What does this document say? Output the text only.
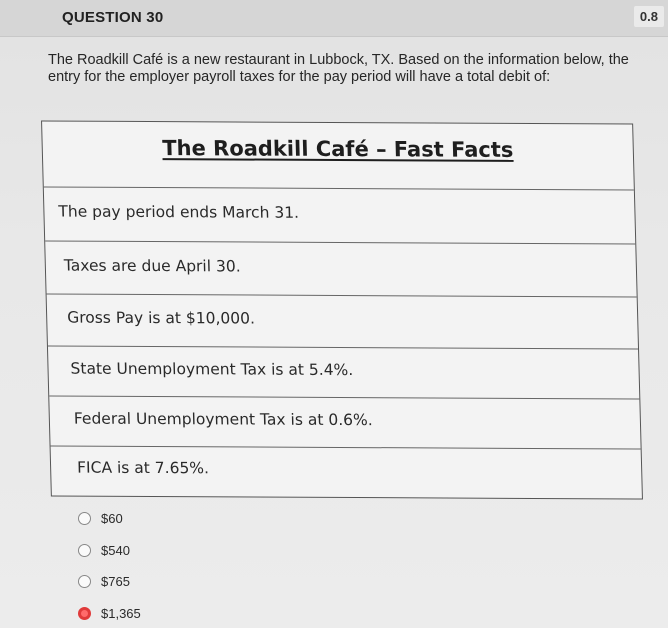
QUESTION 30	0.8
The Roadkill Café is a new restaurant in Lubbock, TX. Based on the information below, the entry for the employer payroll taxes for the pay period will have a total debit of:
The Roadkill Café – Fast Facts
The pay period ends March 31.
Taxes are due April 30.
Gross Pay is at $10,000.
State Unemployment Tax is at 5.4%.
Federal Unemployment Tax is at 0.6%.
FICA is at 7.65%.
$60
$540
$765
$1,365
